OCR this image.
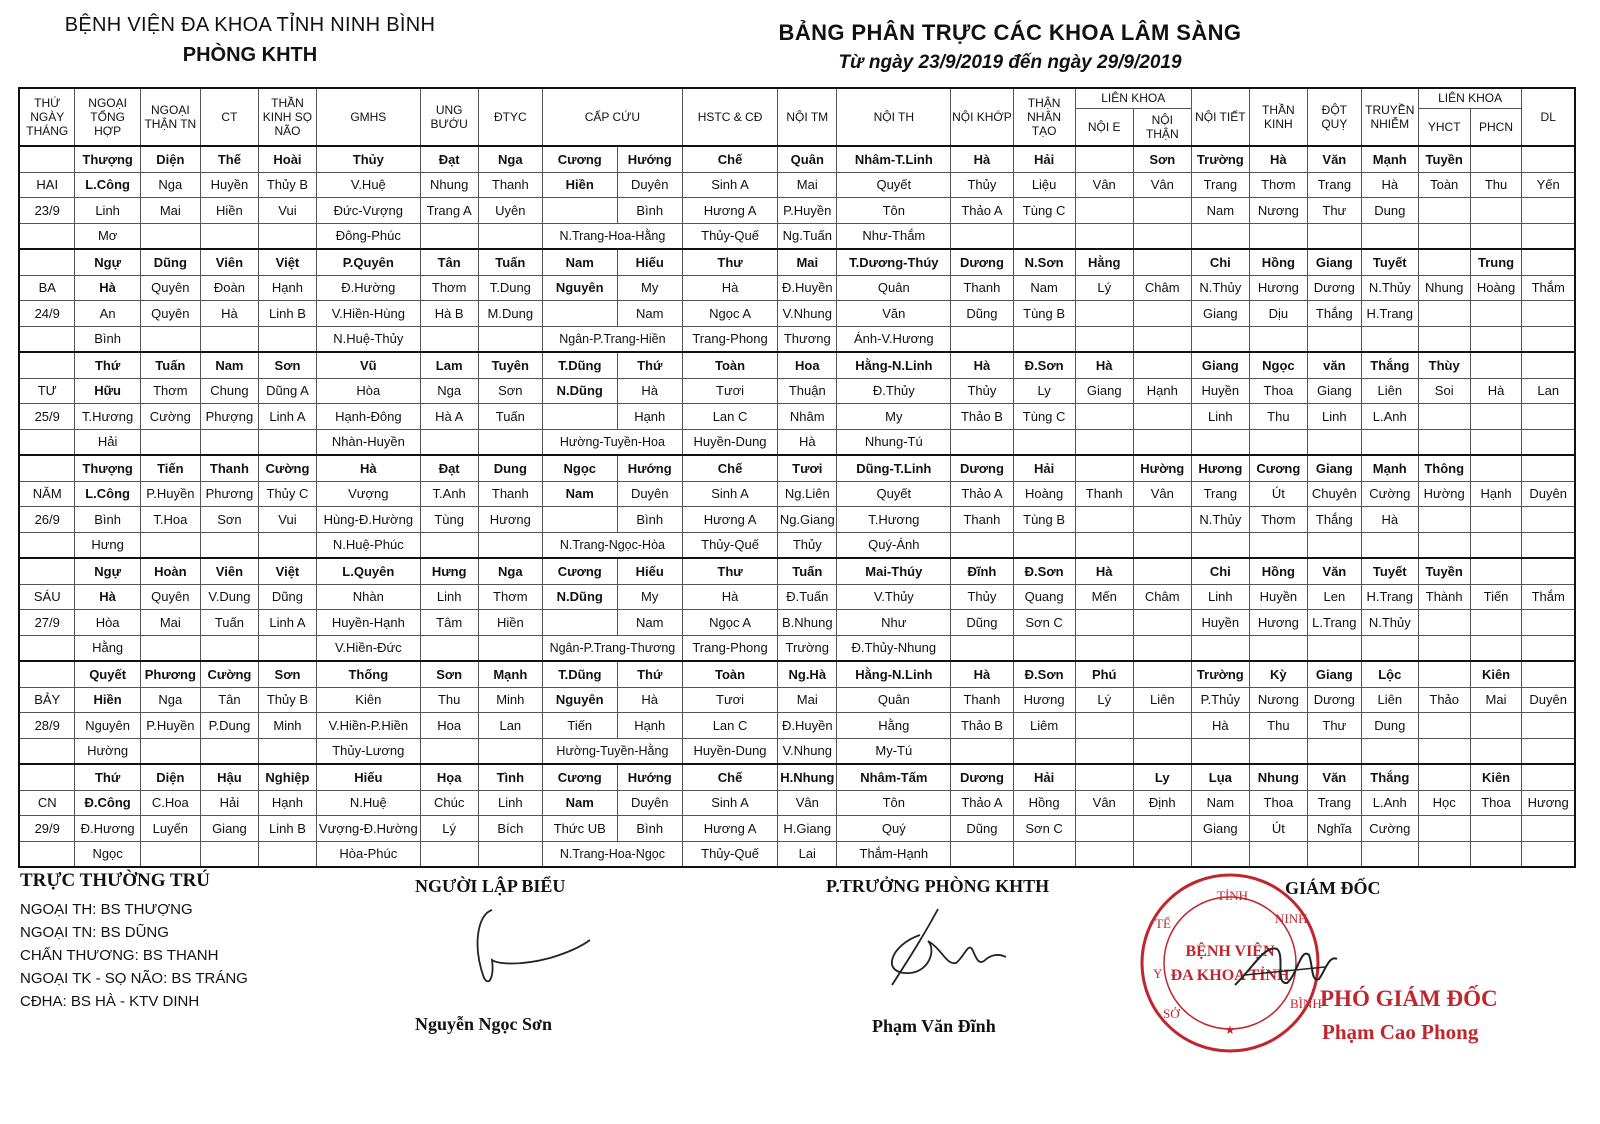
BỆNH VIỆN ĐA KHOA TỈNH NINH BÌNH
PHÒNG KHTH
BẢNG PHÂN TRỰC CÁC KHOA LÂM SÀNG
Từ ngày 23/9/2019 đến ngày 29/9/2019
THỨ NGÀY THÁNG	NGOẠI TỔNG HỢP	NGOẠI THẬN TN	CT	THẦN KINH SỌ NÃO	GMHS	UNG BƯỚU	ĐTYC	CẤP CỨU		HSTC & CĐ	NỘI TM	NỘI TH	NỘI KHỚP	THẬN NHÂN TẠO	LIÊN KHOA		NỘI TIẾT	THẦN KINH	ĐỘT QUỴ	TRUYỀN NHIỄM	LIÊN KHOA		DL
															NỘI E	NỘI THẬN					YHCT	PHCN	
	Thượng	Diện	Thế	Hoài	Thủy	Đạt	Nga	Cương	Hướng	Chế	Quân	Nhâm-T.Linh	Hà	Hải		Sơn	Trường	Hà	Văn	Mạnh	Tuyền		
HAI	L.Công	Nga	Huyền	Thủy B	V.Huệ	Nhung	Thanh	Hiền	Duyên	Sinh A	Mai	Quyết	Thủy	Liệu	Vân	Vân	Trang	Thơm	Trang	Hà	Toàn	Thu	Yến
23/9	Linh	Mai	Hiền	Vui	Đức-Vượng	Trang A	Uyên		Bình	Hương A	P.Huyền	Tôn	Thảo A	Tùng C			Nam	Nương	Thư	Dung			
	Mơ				Đông-Phúc			N.Trang-Hoa-Hằng		Thủy-Quế	Ng.Tuấn	Như-Thắm											
	Ngự	Dũng	Viên	Việt	P.Quyên	Tân	Tuấn	Nam	Hiếu	Thư	Mai	T.Dương-Thúy	Dương	N.Sơn	Hằng		Chi	Hồng	Giang	Tuyết		Trung	
BA	Hà	Quyên	Đoàn	Hạnh	Đ.Hường	Thơm	T.Dung	Nguyên	My	Hà	Đ.Huyền	Quân	Thanh	Nam	Lý	Châm	N.Thủy	Hương	Dương	N.Thủy	Nhung	Hoàng	Thắm
24/9	An	Quyên	Hà	Linh B	V.Hiền-Hùng	Hà B	M.Dung		Nam	Ngọc A	V.Nhung	Văn	Dũng	Tùng B			Giang	Dịu	Thắng	H.Trang			
	Bình				N.Huệ-Thủy			Ngân-P.Trang-Hiền		Trang-Phong	Thương	Ánh-V.Hương											
	Thứ	Tuấn	Nam	Sơn	Vũ	Lam	Tuyên	T.Dũng	Thứ	Toàn	Hoa	Hằng-N.Linh	Hà	Đ.Sơn	Hà		Giang	Ngọc	văn	Thắng	Thùy		
TƯ	Hữu	Thơm	Chung	Dũng A	Hòa	Nga	Sơn	N.Dũng	Hà	Tươi	Thuận	Đ.Thủy	Thủy	Ly	Giang	Hạnh	Huyền	Thoa	Giang	Liên	Soi	Hà	Lan
25/9	T.Hương	Cường	Phượng	Linh A	Hạnh-Đông	Hà A	Tuấn		Hạnh	Lan C	Nhâm	My	Thảo B	Tùng C			Linh	Thu	Linh	L.Anh			
	Hải				Nhàn-Huyền			Hường-Tuyền-Hoa		Huyền-Dung	Hà	Nhung-Tú											
	Thượng	Tiến	Thanh	Cường	Hà	Đạt	Dung	Ngọc	Hướng	Chế	Tươi	Dũng-T.Linh	Dương	Hải		Hường	Hương	Cương	Giang	Mạnh	Thông		
NĂM	L.Công	P.Huyền	Phương	Thủy C	Vượng	T.Anh	Thanh	Nam	Duyên	Sinh A	Ng.Liên	Quyết	Thảo A	Hoàng	Thanh	Vân	Trang	Út	Chuyên	Cường	Hường	Hạnh	Duyên
26/9	Bình	T.Hoa	Sơn	Vui	Hùng-Đ.Hường	Tùng	Hương		Bình	Hương A	Ng.Giang	T.Hương	Thanh	Tùng B			N.Thủy	Thơm	Thắng	Hà			
	Hưng				N.Huệ-Phúc			N.Trang-Ngọc-Hòa		Thủy-Quế	Thủy	Quý-Ánh											
	Ngự	Hoàn	Viên	Việt	L.Quyên	Hưng	Nga	Cương	Hiếu	Thư	Tuấn	Mai-Thúy	Đĩnh	Đ.Sơn	Hà		Chi	Hồng	Văn	Tuyết	Tuyền		
SÁU	Hà	Quyên	V.Dung	Dũng	Nhàn	Linh	Thơm	N.Dũng	My	Hà	Đ.Tuấn	V.Thủy	Thủy	Quang	Mến	Châm	Linh	Huyền	Len	H.Trang	Thành	Tiến	Thắm
27/9	Hòa	Mai	Tuấn	Linh A	Huyền-Hạnh	Tâm	Hiền		Nam	Ngọc A	B.Nhung	Như	Dũng	Sơn C			Huyền	Hương	L.Trang	N.Thủy			
	Hằng				V.Hiền-Đức			Ngân-P.Trang-Thương		Trang-Phong	Trường	Đ.Thủy-Nhung											
	Quyết	Phương	Cường	Sơn	Thống	Sơn	Mạnh	T.Dũng	Thứ	Toàn	Ng.Hà	Hằng-N.Linh	Hà	Đ.Sơn	Phú		Trường	Kỳ	Giang	Lộc		Kiên	
BẢY	Hiền	Nga	Tân	Thủy B	Kiên	Thu	Minh	Nguyên	Hà	Tươi	Mai	Quân	Thanh	Hương	Lý	Liên	P.Thủy	Nương	Dương	Liên	Thảo	Mai	Duyên
28/9	Nguyên	P.Huyền	P.Dung	Minh	V.Hiền-P.Hiền	Hoa	Lan	Tiến	Hạnh	Lan C	Đ.Huyền	Hằng	Thảo B	Liêm			Hà	Thu	Thư	Dung			
	Hường				Thủy-Lương			Hường-Tuyền-Hằng		Huyền-Dung	V.Nhung	My-Tú											
	Thứ	Diện	Hậu	Nghiệp	Hiếu	Họa	Tình	Cương	Hướng	Chế	H.Nhung	Nhâm-Tấm	Dương	Hải		Ly	Lụa	Nhung	Văn	Thắng		Kiên	
CN	Đ.Công	C.Hoa	Hải	Hạnh	N.Huệ	Chúc	Linh	Nam	Duyên	Sinh A	Vân	Tôn	Thảo A	Hồng	Vân	Định	Nam	Thoa	Trang	L.Anh	Học	Thoa	Hương
29/9	Đ.Hương	Luyến	Giang	Linh B	Vượng-Đ.Hường	Lý	Bích	Thức UB	Bình	Hương A	H.Giang	Quý	Dũng	Sơn C			Giang	Út	Nghĩa	Cường			
	Ngọc				Hòa-Phúc			N.Trang-Hoa-Ngọc		Thủy-Quế	Lai	Thắm-Hạnh											
TRỰC THƯỜNG TRÚ
NGOẠI TH: BS THƯỢNG
NGOẠI TN: BS DŨNG
CHẤN THƯƠNG: BS THANH
NGOẠI TK - SỌ NÃO: BS TRÁNG
CĐHA: BS HÀ - KTV DINH
NGƯỜI LẬP BIỂU
Nguyễn Ngọc Sơn
P.TRƯỞNG PHÒNG KHTH
Phạm Văn Đĩnh
GIÁM ĐỐC
TỈNH
NINH
BÌNH
Y
TẾ
SỞ
BỆNH VIỆN
ĐA KHOA TỈNH
★
PHÓ GIÁM ĐỐC
Phạm Cao Phong
